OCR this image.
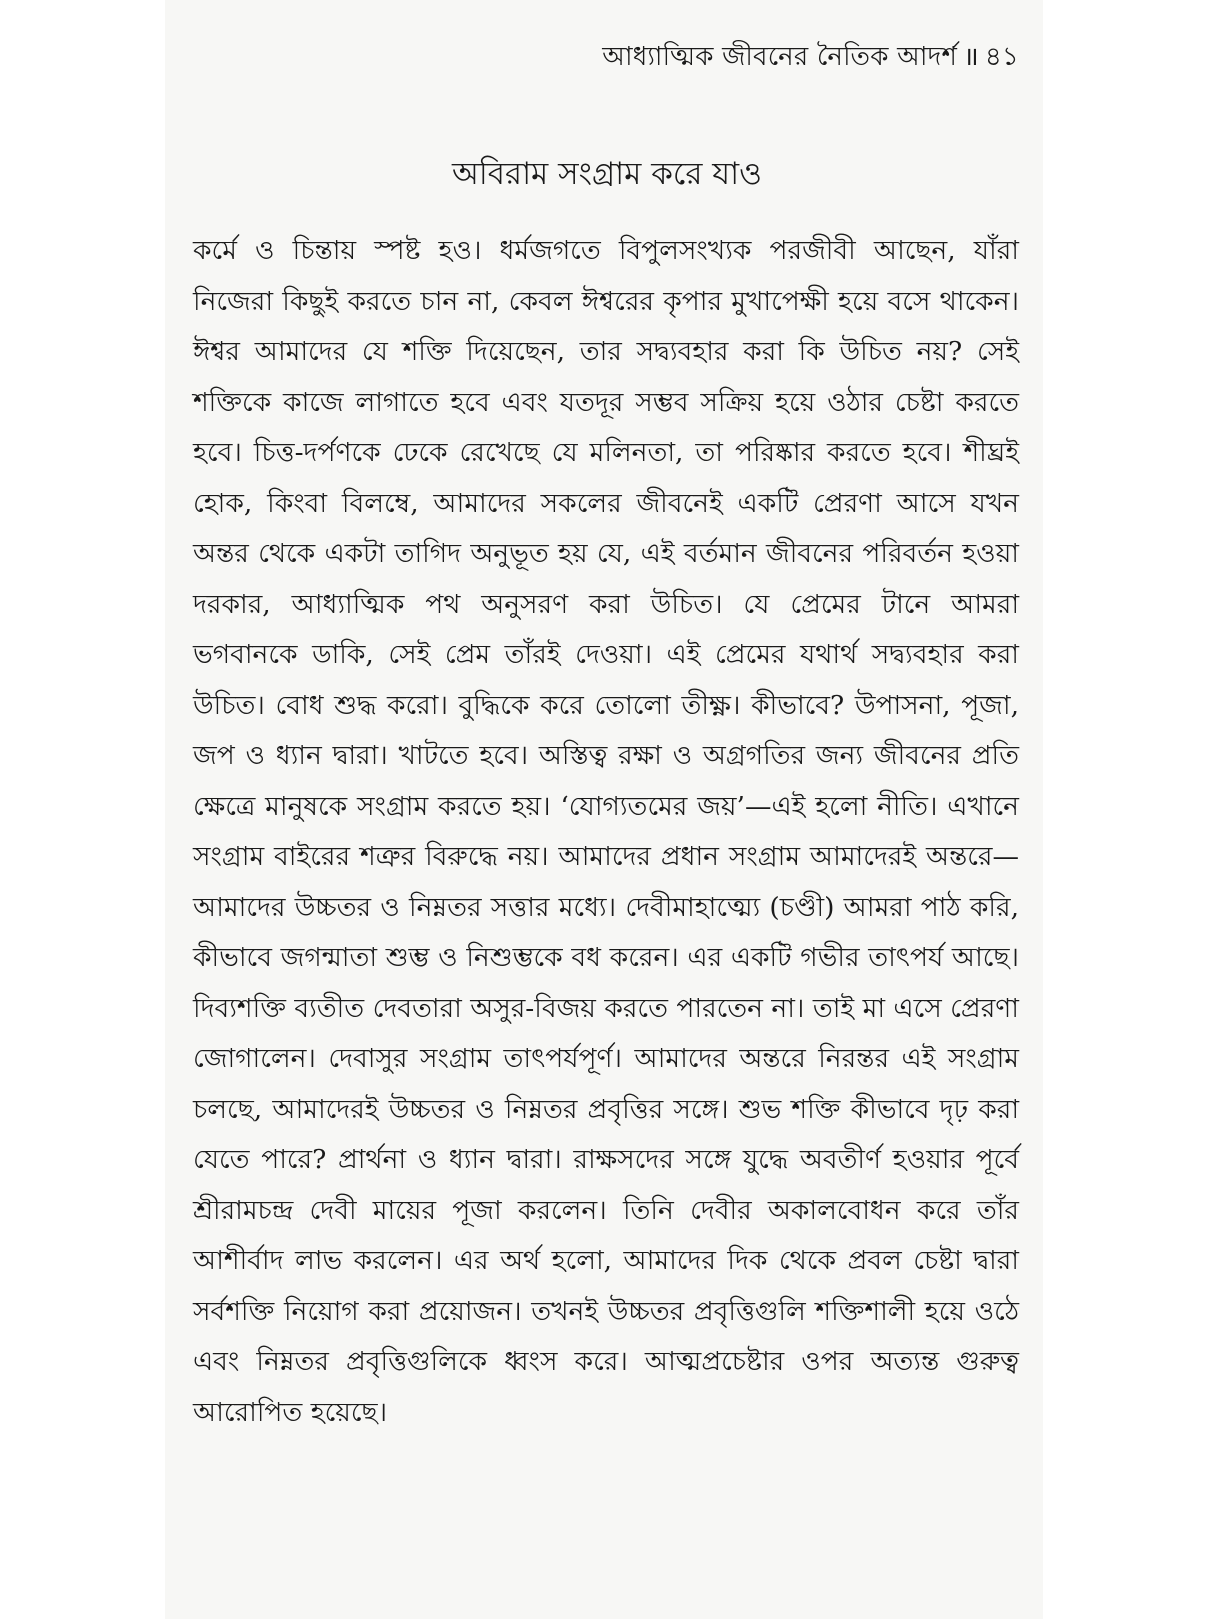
আধ্যাত্মিক জীবনের নৈতিক আদর্শ ॥ ৪১
অবিরাম সংগ্রাম করে যাও

কর্মে ও চিন্তায় স্পষ্ট হও। ধর্মজগতে বিপুলসংখ্যক পরজীবী আছেন, যাঁরা নিজেরা কিছুই করতে চান না, কেবল ঈশ্বরের কৃপার মুখাপেক্ষী হয়ে বসে থাকেন। ঈশ্বর আমাদের যে শক্তি দিয়েছেন, তার সদ্ব্যবহার করা কি উচিত নয়? সেই শক্তিকে কাজে লাগাতে হবে এবং যতদূর সম্ভব সক্রিয় হয়ে ওঠার চেষ্টা করতে হবে। চিত্ত-দর্পণকে ঢেকে রেখেছে যে মলিনতা, তা পরিষ্কার করতে হবে। শীঘ্রই হোক, কিংবা বিলম্বে, আমাদের সকলের জীবনেই একটি প্রেরণা আসে যখন অন্তর থেকে একটা তাগিদ অনুভূত হয় যে, এই বর্তমান জীবনের পরিবর্তন হওয়া দরকার, আধ্যাত্মিক পথ অনুসরণ করা উচিত। যে প্রেমের টানে আমরা ভগবানকে ডাকি, সেই প্রেম তাঁরই দেওয়া। এই প্রেমের যথার্থ সদ্ব্যবহার করা উচিত। বোধ শুদ্ধ করো। বুদ্ধিকে করে তোলো তীক্ষ্ণ। কীভাবে? উপাসনা, পূজা, জপ ও ধ্যান দ্বারা। খাটতে হবে। অস্তিত্ব রক্ষা ও অগ্রগতির জন্য জীবনের প্রতি ক্ষেত্রে মানুষকে সংগ্রাম করতে হয়। ‘যোগ্যতমের জয়’—এই হলো নীতি। এখানে সংগ্রাম বাইরের শত্রুর বিরুদ্ধে নয়। আমাদের প্রধান সংগ্রাম আমাদেরই অন্তরে—আমাদের উচ্চতর ও নিম্নতর সত্তার মধ্যে। দেবীমাহাত্ম্যে (চণ্ডী) আমরা পাঠ করি, কীভাবে জগন্মাতা শুম্ভ ও নিশুম্ভকে বধ করেন। এর একটি গভীর তাৎপর্য আছে। দিব্যশক্তি ব্যতীত দেবতারা অসুর-বিজয় করতে পারতেন না। তাই মা এসে প্রেরণা জোগালেন। দেবাসুর সংগ্রাম তাৎপর্যপূর্ণ। আমাদের অন্তরে নিরন্তর এই সংগ্রাম চলছে, আমাদেরই উচ্চতর ও নিম্নতর প্রবৃত্তির সঙ্গে। শুভ শক্তি কীভাবে দৃঢ় করা যেতে পারে? প্রার্থনা ও ধ্যান দ্বারা। রাক্ষসদের সঙ্গে যুদ্ধে অবতীর্ণ হওয়ার পূর্বে শ্রীরামচন্দ্র দেবী মায়ের পূজা করলেন। তিনি দেবীর অকালবোধন করে তাঁর আশীর্বাদ লাভ করলেন। এর অর্থ হলো, আমাদের দিক থেকে প্রবল চেষ্টা দ্বারা সর্বশক্তি নিয়োগ করা প্রয়োজন। তখনই উচ্চতর প্রবৃত্তিগুলি শক্তিশালী হয়ে ওঠে এবং নিম্নতর প্রবৃত্তিগুলিকে ধ্বংস করে। আত্মপ্রচেষ্টার ওপর অত্যন্ত গুরুত্ব আরোপিত হয়েছে।
